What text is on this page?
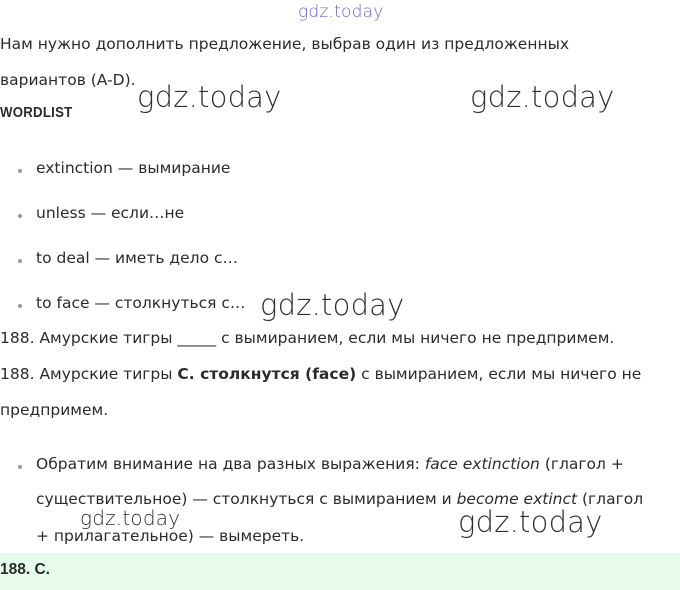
gdz.today
Нам нужно дополнить предложение, выбрав один из предложенных
вариантов (A-D). gdz.today	gdz.today
WORDLIST
extinction — вымирание
unless — если…не
to deal — иметь дело с…
to face — столкнуться с… gdz.today
188. Амурские тигры _____ с вымиранием, если мы ничего не предпримем.
188. Амурские тигры C. столкнутся (face) с вымиранием, если мы ничего не
предпримем.
Обратим внимание на два разных выражения: face extinction (глагол +
существительное) — столкнуться с вымиранием и become extinct (глагол
+ прилагательное) — вымереть.
gdz.today	gdz.today
188. C.
